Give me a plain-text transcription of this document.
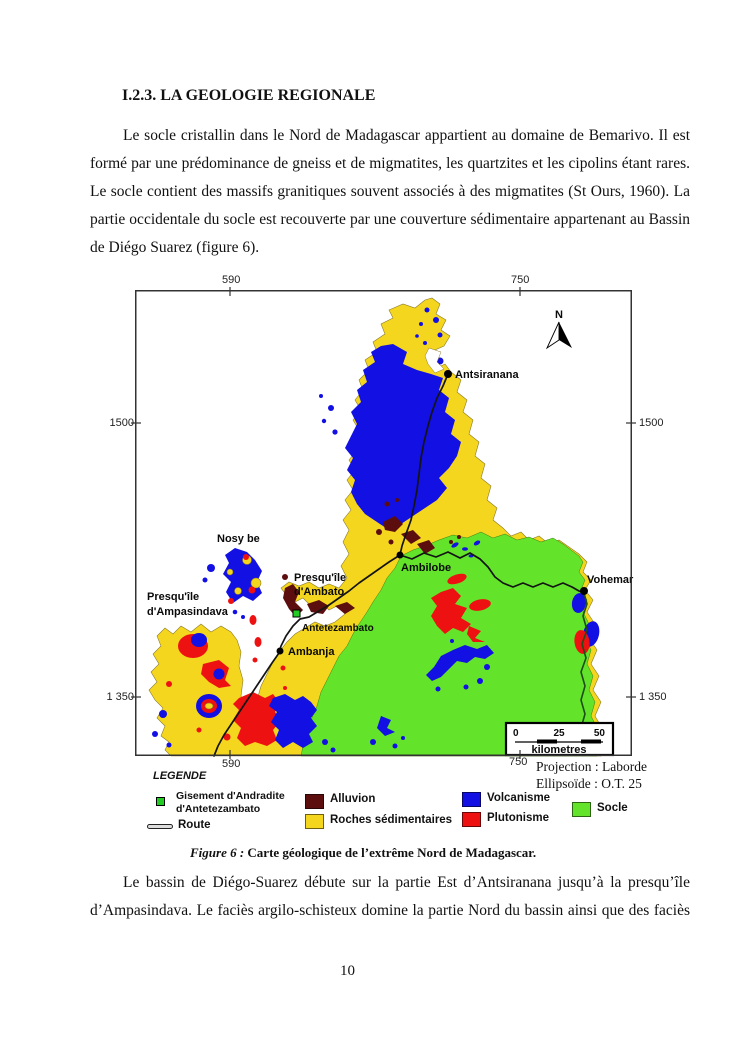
I.2.3. LA GEOLOGIE REGIONALE

Le socle cristallin dans le Nord de Madagascar appartient au domaine de Bemarivo. Il est formé par une prédominance de gneiss et de migmatites, les quartzites et les cipolins étant rares. Le socle contient des massifs granitiques souvent associés à des migmatites (St Ours, 1960). La partie occidentale du socle est recouverte par une couverture sédimentaire appartenant au Bassin de Diégo Suarez (figure 6).

Antsiranana
Ambilobe
Ambanja
Vohemar
Antetezambato
Nosy be
Presqu'île
d'Ambato
Presqu'île
d'Ampasindava
N
0	25	50
kilometres
590	750
590	750
1500
1 350
1500
1 350
Projection : Laborde
Ellipsoïde : O.T. 25
LEGENDE
Gisement d'Andradite
d'Antetezambato
Route
Alluvion
Roches sédimentaires
Volcanisme
Plutonisme
Socle

Figure 6 : Carte géologique de l’extrême Nord de Madagascar.

Le bassin de Diégo-Suarez débute sur la partie Est d’Antsiranana jusqu’à la presqu’île d’Ampasindava. Le faciès argilo-schisteux domine la partie Nord du bassin ainsi que des faciès

10
